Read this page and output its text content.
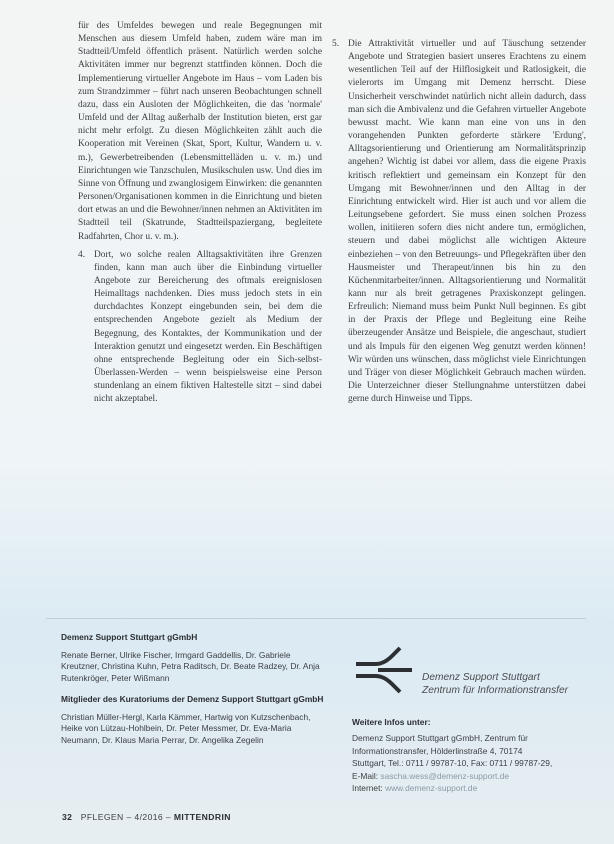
für des Umfeldes bewegen und reale Begegnungen mit Menschen aus diesem Umfeld haben, zudem wäre man im Stadtteil/Umfeld öffentlich präsent. Natürlich werden solche Aktivitäten immer nur begrenzt stattfinden können. Doch die Implementierung virtueller Angebote im Haus – vom Laden bis zum Strandzimmer – führt nach unseren Beobachtungen schnell dazu, dass ein Ausloten der Möglichkeiten, die das 'normale' Umfeld und der Alltag außerhalb der Institution bieten, erst gar nicht mehr erfolgt. Zu diesen Möglichkeiten zählt auch die Kooperation mit Vereinen (Skat, Sport, Kultur, Wandern u. v. m.), Gewerbetreibenden (Lebensmittelläden u. v. m.) und Einrichtungen wie Tanzschulen, Musikschulen usw. Und dies im Sinne von Öffnung und zwanglosigem Einwirken: die genannten Personen/Organisationen kommen in die Einrichtung und bieten dort etwas an und die Bewohner/innen nehmen an Aktivitäten im Stadtteil teil (Skatrunde, Stadtteilspaziergang, begleitete Radfahrten, Chor u. v. m.).

4. Dort, wo solche realen Alltagsaktivitäten ihre Grenzen finden, kann man auch über die Einbindung virtueller Angebote zur Bereicherung des oftmals ereignislosen Heimalltags nachdenken. Dies muss jedoch stets in ein durchdachtes Konzept eingebunden sein, bei dem die entsprechenden Angebote gezielt als Medium der Begegnung, des Kontaktes, der Kommunikation und der Interaktion genutzt und eingesetzt werden. Ein Beschäftigen ohne entsprechende Begleitung oder ein Sich-selbst-Überlassen-Werden – wenn beispielsweise eine Person stundenlang an einem fiktiven Haltestelle sitzt – sind dabei nicht akzeptabel.

5. Die Attraktivität virtueller und auf Täuschung setzender Angebote und Strategien basiert unseres Erachtens zu einem wesentlichen Teil auf der Hilflosigkeit und Ratlosigkeit, die vielerorts im Umgang mit Demenz herrscht. Diese Unsicherheit verschwindet natürlich nicht allein dadurch, dass man sich die Ambivalenz und die Gefahren virtueller Angebote bewusst macht. Wie kann man eine von uns in den vorangehenden Punkten geforderte stärkere 'Erdung', Alltagsorientierung und Orientierung am Normalitätsprinzip angehen? Wichtig ist dabei vor allem, dass die eigene Praxis kritisch reflektiert und gemeinsam ein Konzept für den Umgang mit Bewohner/innen und den Alltag in der Einrichtung entwickelt wird. Hier ist auch und vor allem die Leitungsebene gefordert. Sie muss einen solchen Prozess wollen, initiieren sofern dies nicht andere tun, ermöglichen, steuern und dabei möglichst alle wichtigen Akteure einbeziehen – von den Betreuungs- und Pflegekräften über den Hausmeister und Therapeut/innen bis hin zu den Küchenmitarbeiter/innen. Alltagsorientierung und Normalität kann nur als breit getragenes Praxiskonzept gelingen. Erfreulich: Niemand muss beim Punkt Null beginnen. Es gibt in der Praxis der Pflege und Begleitung eine Reihe überzeugender Ansätze und Beispiele, die angeschaut, studiert und als Impuls für den eigenen Weg genutzt werden können! Wir würden uns wünschen, dass möglichst viele Einrichtungen und Träger von dieser Möglichkeit Gebrauch machen würden. Die Unterzeichner dieser Stellungnahme unterstützen dabei gerne durch Hinweise und Tipps.

Demenz Support Stuttgart gGmbH

Renate Berner, Ulrike Fischer, Irmgard Gaddellis, Dr. Gabriele Kreutzner, Christina Kuhn, Petra Raditsch, Dr. Beate Radzey, Dr. Anja Rutenkröger, Peter Wißmann

Mitglieder des Kuratoriums der Demenz Support Stuttgart gGmbH

Christian Müller-Hergl, Karla Kämmer, Hartwig von Kutzschenbach, Heike von Lützau-Hohlbein, Dr. Peter Messmer, Dr. Eva-Maria Neumann, Dr. Klaus Maria Perrar, Dr. Angelika Zegelin

Demenz Support Stuttgart
Zentrum für Informationstransfer

Weitere Infos unter:

Demenz Support Stuttgart gGmbH, Zentrum für
Informationstransfer, Hölderlinstraße 4, 70174
Stuttgart, Tel.: 0711 / 99787-10, Fax: 0711 / 99787-29,
E-Mail: sascha.wess@demenz-support.de
Internet: www.demenz-support.de
32 PFLEGEN – 4/2016 – MITTENDRIN
